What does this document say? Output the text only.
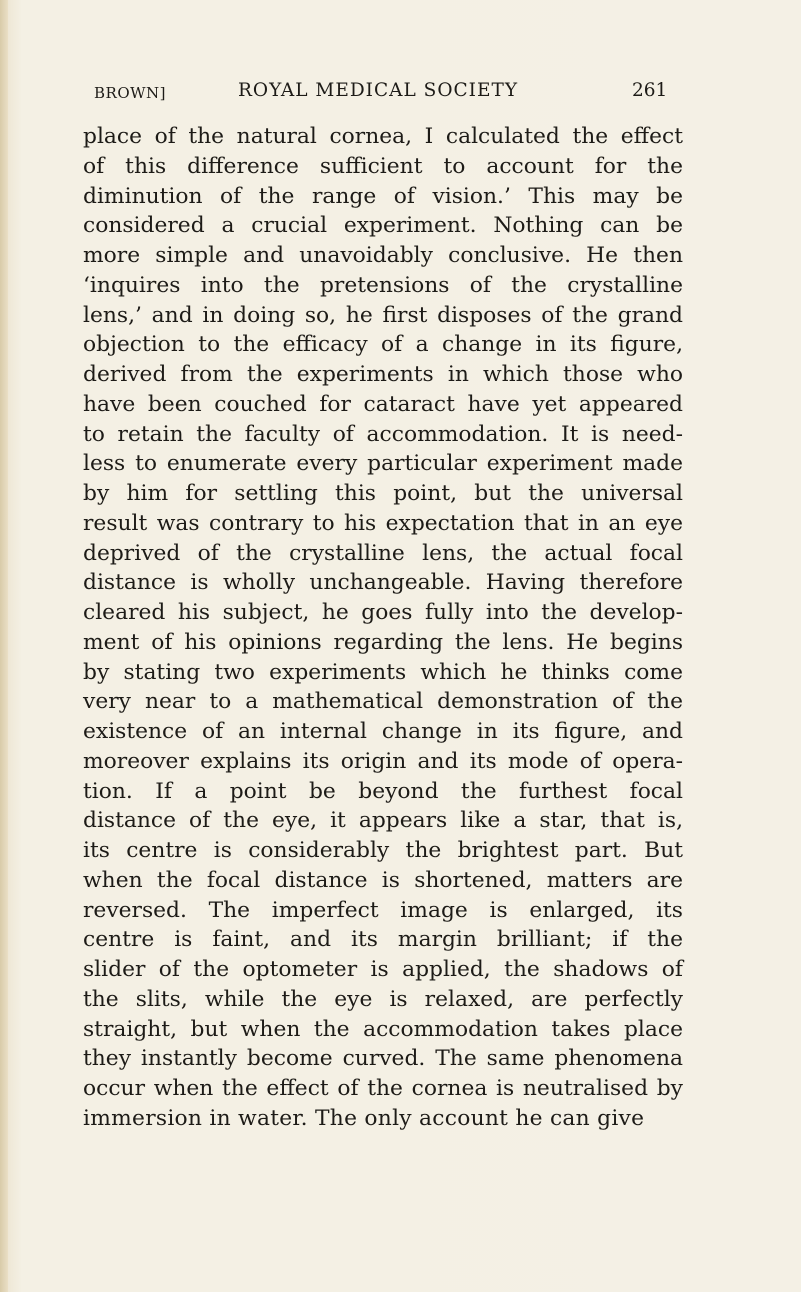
BROWN]	ROYAL MEDICAL SOCIETY	261
place of the natural cornea, I calculated the effect
of this difference sufficient to account for the
diminution of the range of vision.’ This may be
considered a crucial experiment. Nothing can be
more simple and unavoidably conclusive. He then
‘inquires into the pretensions of the crystalline
lens,’ and in doing so, he first disposes of the grand
objection to the efficacy of a change in its figure,
derived from the experiments in which those who
have been couched for cataract have yet appeared
to retain the faculty of accommodation. It is need-
less to enumerate every particular experiment made
by him for settling this point, but the universal
result was contrary to his expectation that in an eye
deprived of the crystalline lens, the actual focal
distance is wholly unchangeable. Having therefore
cleared his subject, he goes fully into the develop-
ment of his opinions regarding the lens. He begins
by stating two experiments which he thinks come
very near to a mathematical demonstration of the
existence of an internal change in its figure, and
moreover explains its origin and its mode of opera-
tion. If a point be beyond the furthest focal
distance of the eye, it appears like a star, that is,
its centre is considerably the brightest part. But
when the focal distance is shortened, matters are
reversed. The imperfect image is enlarged, its
centre is faint, and its margin brilliant; if the
slider of the optometer is applied, the shadows of
the slits, while the eye is relaxed, are perfectly
straight, but when the accommodation takes place
they instantly become curved. The same phenomena
occur when the effect of the cornea is neutralised by
immersion in water. The only account he can give
